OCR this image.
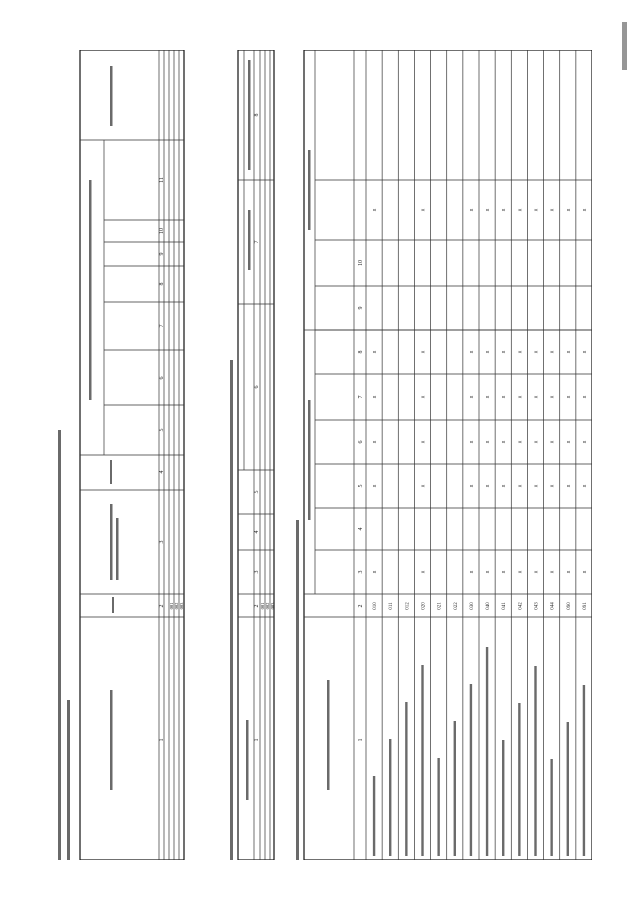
1
2
3
4
5
6
7
8
9
10
11
001 002 003
1
2
3
4
5
6
7
8
001 002 003
1
2
3
4
5
6
7
8
9
10
010 011 012 020 021 022 030 040 041 042 043 044 090 091
x
x
x
x
x
x
x
x
x
x
x
x
x
x
x
x
x
x
x
x
x
x
x
x
x
x
x
x
x
x
x
x
x
x
x
x
x
x
x
x
x
x
x
x
x
x
x
x
x
x
x
x
x
x
x
x
x
x
x
x
